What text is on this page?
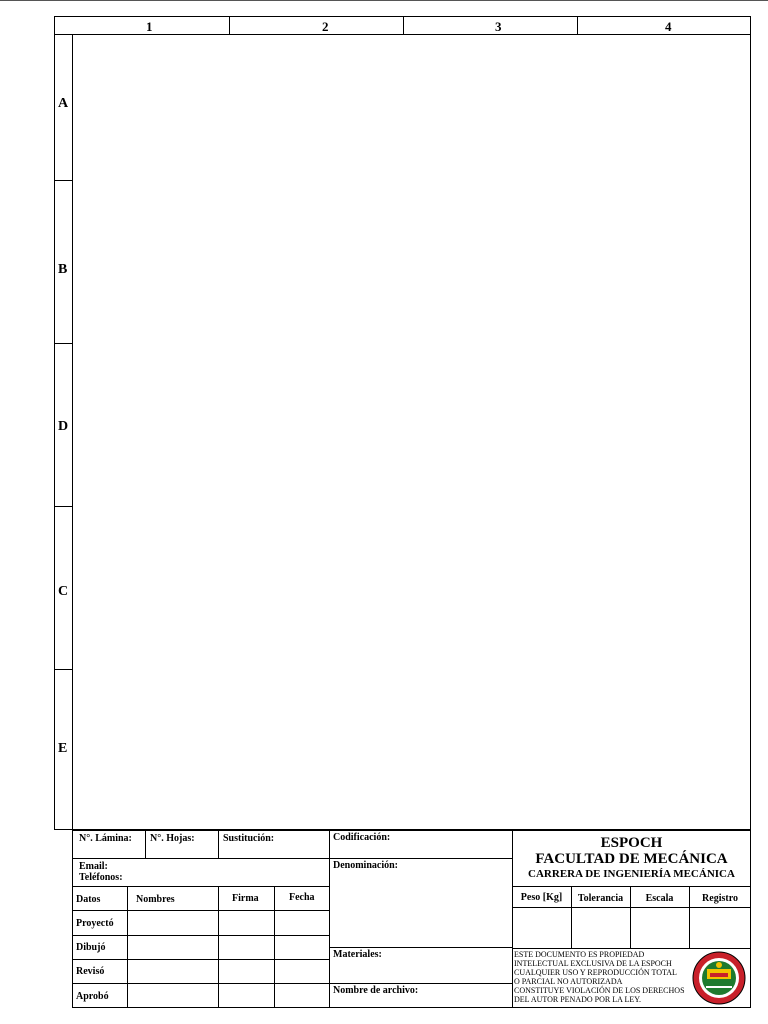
1	2	3	4
A
B
D
C
E
N°. Lámina: N°. Hojas:	Sustitución:
Email:
Teléfonos:
Datos	Nombres	Firma	Fecha
Proyectó
Dibujó
Revisó
Aprobó
Codificación:
Denominación:
Materiales:
Nombre de archivo:
ESPOCH
FACULTAD DE MECÁNICA
CARRERA DE INGENIERÍA MECÁNICA
Peso [Kg]	Tolerancia	Escala	Registro
ESTE DOCUMENTO ES PROPIEDAD
INTELECTUAL EXCLUSIVA DE LA ESPOCH
CUALQUIER USO Y REPRODUCCIÓN TOTAL
O PARCIAL NO AUTORIZADA
CONSTITUYE VIOLACIÓN DE LOS DERECHOS
DEL AUTOR PENADO POR LA LEY.
